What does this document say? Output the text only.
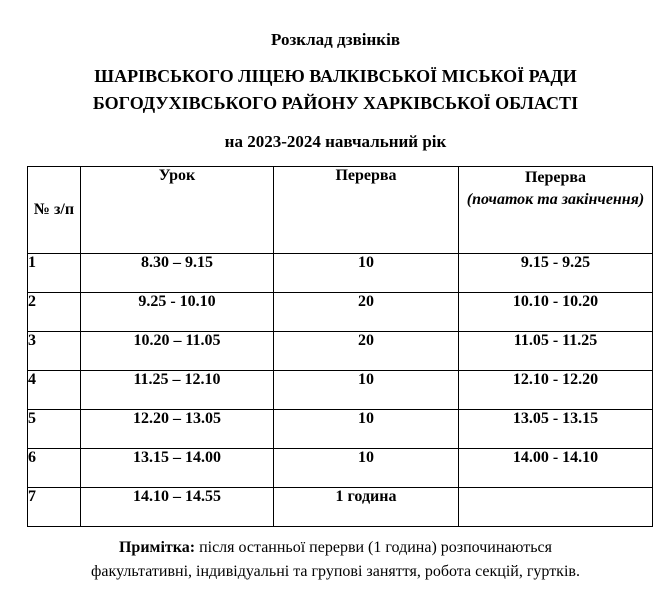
Розклад дзвінків
ШАРІВСЬКОГО ЛІЦЕЮ ВАЛКІВСЬКОЇ МІСЬКОЇ РАДИ
БОГОДУХІВСЬКОГО РАЙОНУ ХАРКІВСЬКОЇ ОБЛАСТІ
на 2023-2024 навчальний рік
№ з/п	Урок	Перерва	Перерва
(початок та закінчення)

1	8.30 – 9.15	10	9.15 - 9.25
2	9.25 - 10.10	20	10.10 - 10.20
3	10.20 – 11.05	20	11.05 - 11.25
4	11.25 – 12.10	10	12.10 - 12.20
5	12.20 – 13.05	10	13.05 - 13.15
6	13.15 – 14.00	10	14.00 - 14.10
7	14.10 – 14.55	1 година	
Примітка: після останньої перерви (1 година) розпочинаються
факультативні, індивідуальні та групові заняття, робота секцій, гуртків.
